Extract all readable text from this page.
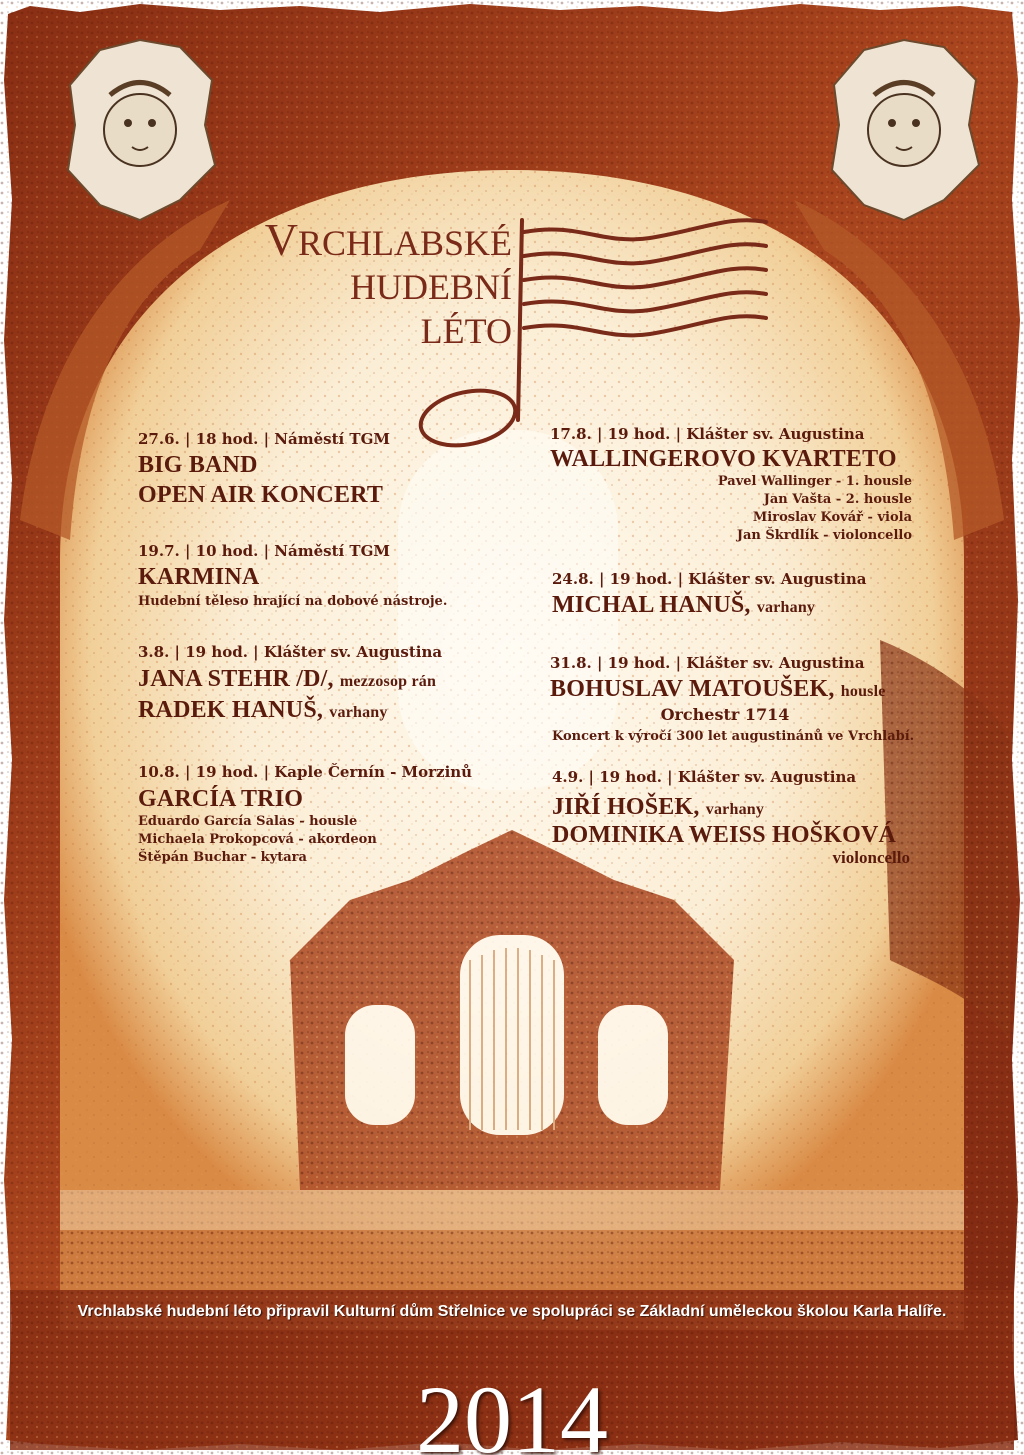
VRCHLABSKÉ
HUDEBNÍ
LÉTO
27.6. | 18 hod. | Náměstí TGM
BIG BAND
OPEN AIR KONCERT
19.7. | 10 hod. | Náměstí TGM
KARMINA
Hudební těleso hrající na dobové nástroje.
3.8. | 19 hod. | Klášter sv. Augustina
JANA STEHR /D/, mezzosop rán
RADEK HANUŠ, varhany
10.8. | 19 hod. | Kaple Černín - Morzinů
GARCÍA TRIO
Eduardo García Salas - housle
Michaela Prokopcová - akordeon
Štěpán Buchar - kytara
17.8. | 19 hod. | Klášter sv. Augustina
WALLINGEROVO KVARTETO
Pavel Wallinger - 1. housle
Jan Vašta - 2. housle
Miroslav Kovář - viola
Jan Škrdlík - violoncello
24.8. | 19 hod. | Klášter sv. Augustina
MICHAL HANUŠ, varhany
31.8. | 19 hod. | Klášter sv. Augustina
BOHUSLAV MATOUŠEK, housle
Orchestr 1714
Koncert k výročí 300 let augustinánů ve Vrchlabí.
4.9. | 19 hod. | Klášter sv. Augustina
JIŘÍ HOŠEK, varhany
DOMINIKA WEISS HOŠKOVÁ
violoncello
Vrchlabské hudební léto připravil Kulturní dům Střelnice ve spolupráci se Základní uměleckou školou Karla Halíře.
2014
